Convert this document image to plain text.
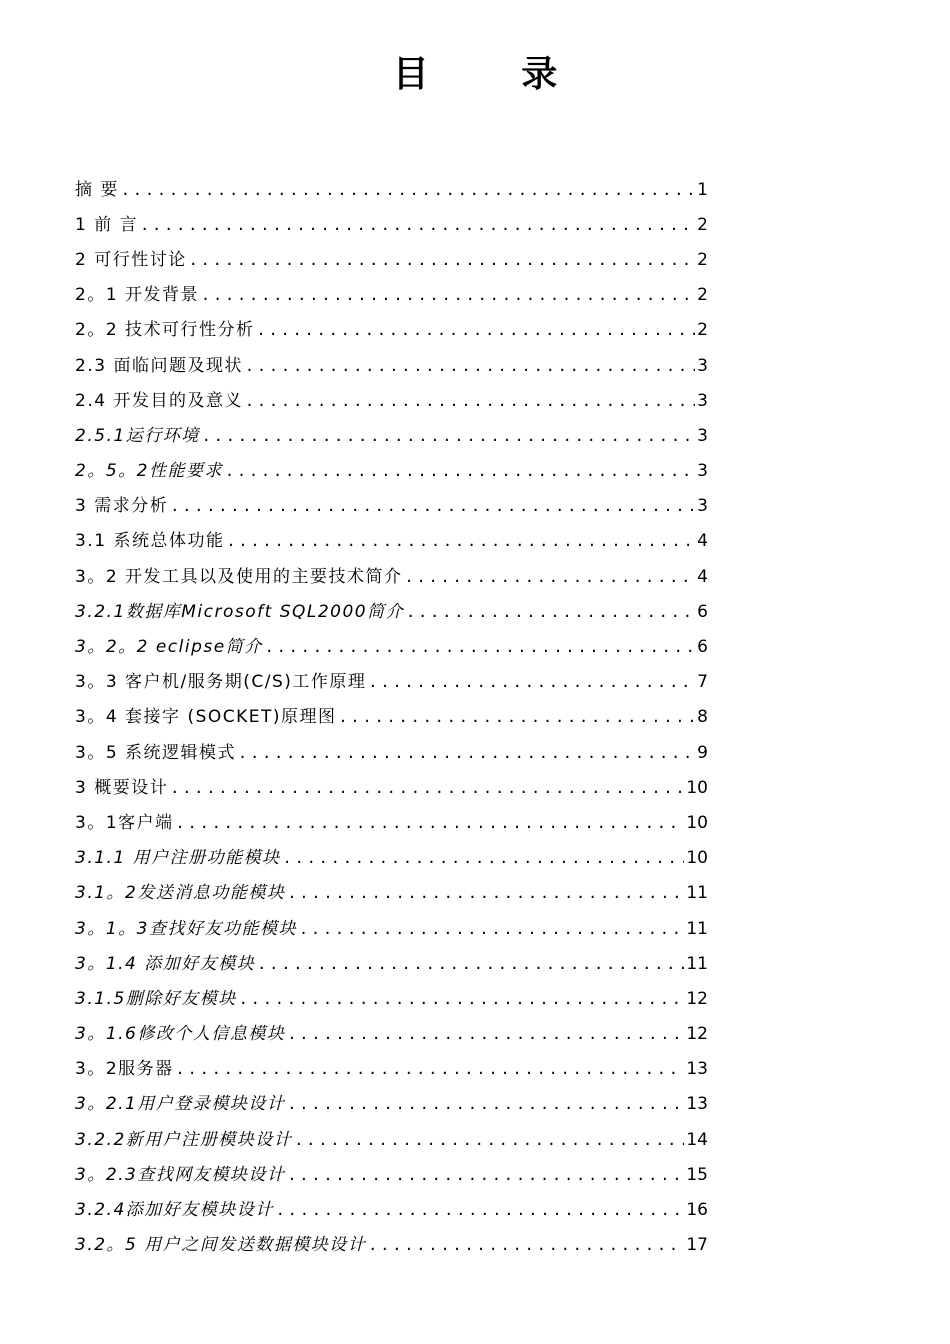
目 录
摘 要 .....	1
1 前 言 .....	2
2 可行性讨论 .....	2
2。1 开发背景 .....	2
2。2 技术可行性分析 .....	2
2.3 面临问题及现状 .....	3
2.4 开发目的及意义 .....	3
2.5.1运行环境 .....	3
2。5。2性能要求 .....	3
3 需求分析 .....	3
3.1 系统总体功能 .....	4
3。2 开发工具以及使用的主要技术简介 .....	4
3.2.1数据库Microsoft SQL2000简介 .....	6
3。2。2 eclipse简介 .....	6
3。3 客户机/服务期(C/S)工作原理 .....	7
3。4 套接字 (SOCKET)原理图 .....	8
3。5 系统逻辑模式 .....	9
3 概要设计 .....	10
3。1客户端 .....	10
3.1.1 用户注册功能模块 .....	10
3.1。2发送消息功能模块 .....	11
3。1。3查找好友功能模块 .....	11
3。1.4 添加好友模块 .....	11
3.1.5删除好友模块 .....	12
3。1.6修改个人信息模块 .....	12
3。2服务器 .....	13
3。2.1用户登录模块设计 .....	13
3.2.2新用户注册模块设计 .....	14
3。2.3查找网友模块设计 .....	15
3.2.4添加好友模块设计 .....	16
3.2。5 用户之间发送数据模块设计 .....	17
